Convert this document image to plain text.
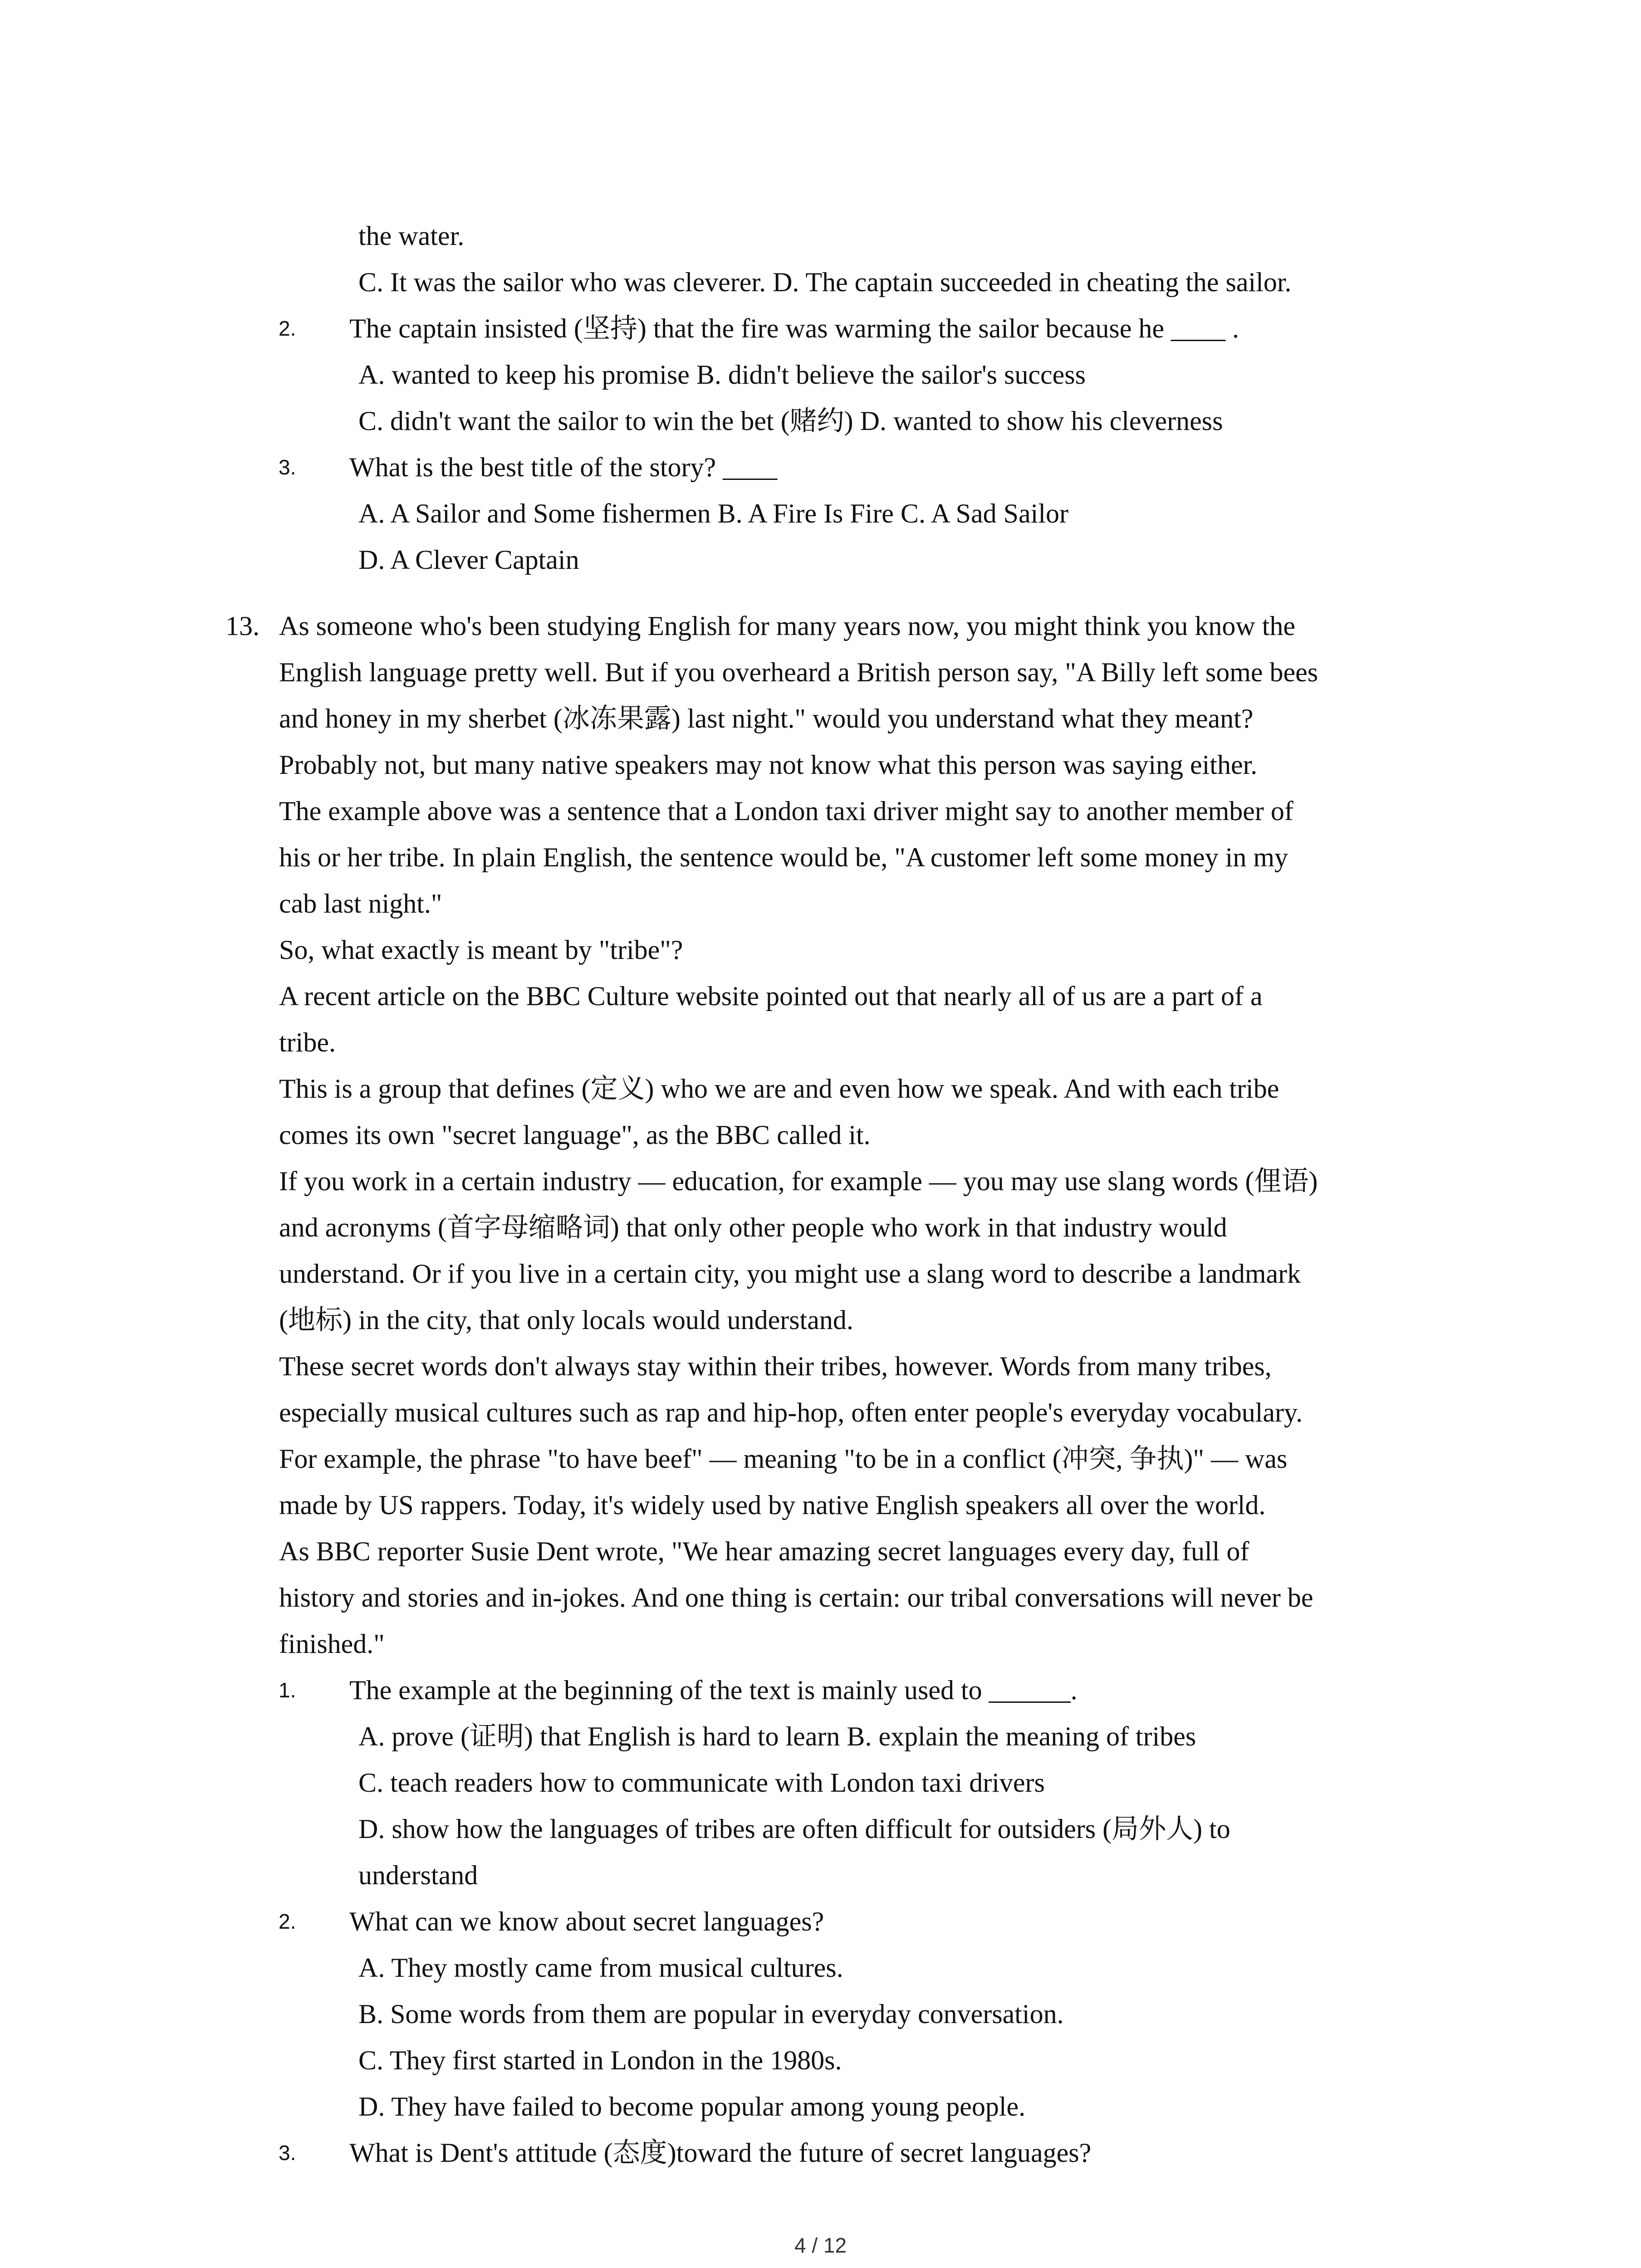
the water.
C. It was the sailor who was cleverer. D. The captain succeeded in cheating the sailor.
2. The captain insisted (坚持) that the fire was warming the sailor because he ____ .
A. wanted to keep his promise B. didn't believe the sailor's success
C. didn't want the sailor to win the bet (赌约) D. wanted to show his cleverness
3. What is the best title of the story? ____
A. A Sailor and Some fishermen B. A Fire Is Fire C. A Sad Sailor
D. A Clever Captain
13. As someone who's been studying English for many years now, you might think you know the
English language pretty well. But if you overheard a British person say, "A Billy left some bees
and honey in my sherbet (冰冻果露) last night." would you understand what they meant?
Probably not, but many native speakers may not know what this person was saying either.
The example above was a sentence that a London taxi driver might say to another member of
his or her tribe. In plain English, the sentence would be, "A customer left some money in my
cab last night."
So, what exactly is meant by "tribe"?
A recent article on the BBC Culture website pointed out that nearly all of us are a part of a
tribe.
This is a group that defines (定义) who we are and even how we speak. And with each tribe
comes its own "secret language", as the BBC called it.
If you work in a certain industry — education, for example — you may use slang words (俚语)
and acronyms (首字母缩略词) that only other people who work in that industry would
understand. Or if you live in a certain city, you might use a slang word to describe a landmark
(地标) in the city, that only locals would understand.
These secret words don't always stay within their tribes, however. Words from many tribes,
especially musical cultures such as rap and hip-hop, often enter people's everyday vocabulary.
For example, the phrase "to have beef" — meaning "to be in a conflict (冲突, 争执)" — was
made by US rappers. Today, it's widely used by native English speakers all over the world.
As BBC reporter Susie Dent wrote, "We hear amazing secret languages every day, full of
history and stories and in-jokes. And one thing is certain: our tribal conversations will never be
finished."
1. The example at the beginning of the text is mainly used to ______.
A. prove (证明) that English is hard to learn B. explain the meaning of tribes
C. teach readers how to communicate with London taxi drivers
D. show how the languages of tribes are often difficult for outsiders (局外人) to
understand
2. What can we know about secret languages?
A. They mostly came from musical cultures.
B. Some words from them are popular in everyday conversation.
C. They first started in London in the 1980s.
D. They have failed to become popular among young people.
3. What is Dent's attitude (态度)toward the future of secret languages?
4 / 12
